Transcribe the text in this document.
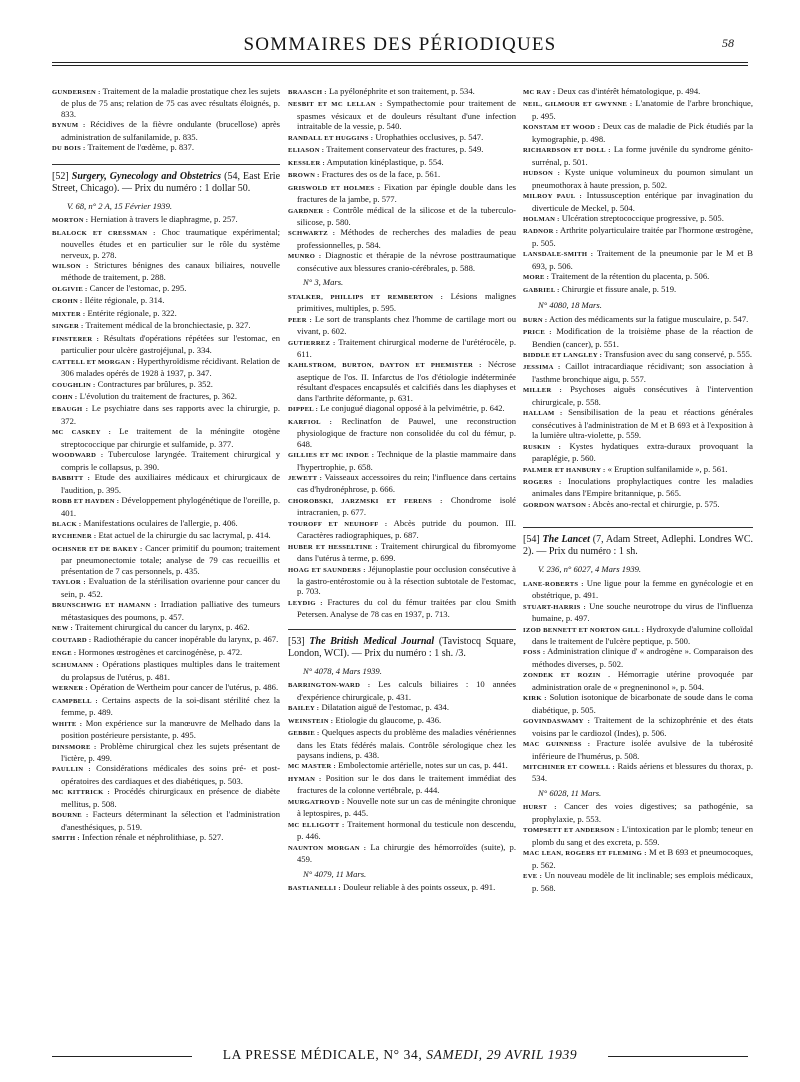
SOMMAIRES DES PÉRIODIQUES	58

GUNDERSEN : Traitement de la maladie prostatique chez les sujets de plus de 75 ans; relation de 75 cas avec résultats éloignés, p. 833.

BYNUM : Récidives de la fièvre ondulante (brucellose) après administration de sulfanilamide, p. 835.

DU BOIS : Traitement de l'œdème, p. 837.

[52] Surgery, Gynecology and Obstetrics (54, East Erie Street, Chicago). — Prix du numéro : 1 dollar 50.
V. 68, n° 2 A, 15 Février 1939.

MORTON : Herniation à travers le diaphragme, p. 257.

BLALOCK ET CRESSMAN : Choc traumatique expérimental; nouvelles études et en particulier sur le rôle du système nerveux, p. 278.

WILSON : Strictures bénignes des canaux biliaires, nouvelle méthode de traitement, p. 288.

OLGIVIE : Cancer de l'estomac, p. 295.

CROHN : Iléite régionale, p. 314.

MIXTER : Entérite régionale, p. 322.

SINGER : Traitement médical de la bronchiectasie, p. 327.

FINSTERER : Résultats d'opérations répétées sur l'estomac, en particulier pour ulcère gastrojéjunal, p. 334.

CATTELL ET MORGAN : Hyperthyroïdisme récidivant. Relation de 306 malades opérés de 1928 à 1937, p. 347.

COUGHLIN : Contractures par brûlures, p. 352.

COHN : L'évolution du traitement de fractures, p. 362.

EBAUGH : Le psychiatre dans ses rapports avec la chirurgie, p. 372.

MC CASKEY : Le traitement de la méningite otogène streptococcique par chirurgie et sulfamide, p. 377.

WOODWARD : Tuberculose laryngée. Traitement chirurgical y compris le collapsus, p. 390.

BABBITT : Etude des auxiliaires médicaux et chirurgicaux de l'audition, p. 395.

ROBB ET HAYDEN : Développement phylogénétique de l'oreille, p. 401.

BLACK : Manifestations oculaires de l'allergie, p. 406.

RYCHENER : Etat actuel de la chirurgie du sac lacrymal, p. 414.

OCHSNER ET DE BAKEY : Cancer primitif du poumon; traitement par pneumonectomie totale; analyse de 79 cas recueillis et présentation de 7 cas personnels, p. 435.

TAYLOR : Evaluation de la stérilisation ovarienne pour cancer du sein, p. 452.

BRUNSCHWIG ET HAMANN : Irradiation palliative des tumeurs métastasiques des poumons, p. 457.

NEW : Traitement chirurgical du cancer du larynx, p. 462.

COUTARD : Radiothérapie du cancer inopérable du larynx, p. 467.

ENGE : Hormones œstrogènes et carcinogénèse, p. 472.

SCHUMANN : Opérations plastiques multiples dans le traitement du prolapsus de l'utérus, p. 481.

WERNER : Opération de Wertheim pour cancer de l'utérus, p. 486.

CAMPBELL : Certains aspects de la soi-disant stérilité chez la femme, p. 489.

WHITE : Mon expérience sur la manœuvre de Melhado dans la position postérieure persistante, p. 495.

DINSMORE : Problème chirurgical chez les sujets présentant de l'ictère, p. 499.

PAULLIN : Considérations médicales des soins pré- et post-opératoires des cardiaques et des diabétiques, p. 503.

MC KITTRICK : Procédés chirurgicaux en présence de diabète mellitus, p. 508.

BOURNE : Facteurs déterminant la sélection et l'administration d'anesthésiques, p. 519.

SMITH : Infection rénale et néphrolithiase, p. 527.

BRAASCH : La pyélonéphrite et son traitement, p. 534.

NESBIT ET MC LELLAN : Sympathectomie pour traitement de spasmes vésicaux et de douleurs résultant d'une infection intraitable de la vessie, p. 540.

RANDALL ET HUGGINS : Urophathies occlusives, p. 547.

ELIASON : Traitement conservateur des fractures, p. 549.

KESSLER : Amputation kinéplastique, p. 554.

BROWN : Fractures des os de la face, p. 561.

GRISWOLD ET HOLMES : Fixation par épingle double dans les fractures de la jambe, p. 577.

GARDNER : Contrôle médical de la silicose et de la tuberculo-silicose, p. 580.

SCHWARTZ : Méthodes de recherches des maladies de peau professionnelles, p. 584.

MUNRO : Diagnostic et thérapie de la névrose posttraumatique consécutive aux blessures cranio-cérébrales, p. 588.

N° 3, Mars.

STALKER, PHILLIPS ET REMBERTON : Lésions malignes primitives, multiples, p. 595.

PEER : Le sort de transplants chez l'homme de cartilage mort ou vivant, p. 602.

GUTIERREZ : Traitement chirurgical moderne de l'urétérocèle, p. 611.

KAHLSTROM, BURTON, DAYTON ET PHEMISTER : Nécrose aseptique de l'os. II. Infarctus de l'os d'étiologie indéterminée résultant d'espaces encapsulés et calcifiés dans les diaphyses et dans l'arthrite déformante, p. 631.

DIPPEL : Le conjugué diagonal opposé à la pelvimétrie, p. 642.

KARFIOL : Reclinatfon de Pauwel, une reconstruction physiologique de fracture non consolidée du col du fémur, p. 648.

GILLIES ET MC INDOE : Technique de la plastie mammaire dans l'hypertrophie, p. 658.

JEWETT : Vaisseaux accessoires du rein; l'influence dans certains cas d'hydronéphrose, p. 666.

CHOROBSKI, JARZMSKI ET FERENS : Chondrome isolé intracranien, p. 677.

TOUROFF ET NEUHOFF : Abcès putride du poumon. III. Caractères radiographiques, p. 687.

HUBER ET HESSELTINE : Traitement chirurgical du fibromyome dans l'utérus à terme, p. 699.

HOAG ET SAUNDERS : Jéjunoplastie pour occlusion consécutive à la gastro-entérostomie ou à la résection subtotale de l'estomac, p. 703.

LEYDIG : Fractures du col du fémur traitées par clou Smith Petersen. Analyse de 78 cas en 1937, p. 713.

[53] The British Medical Journal (Tavistocq Square, London, WCI). — Prix du numéro : 1 sh. /3.
N° 4078, 4 Mars 1939.

BARRINGTON-WARD : Les calculs biliaires : 10 années d'expérience chirurgicale, p. 431.

BAILEY : Dilatation aiguë de l'estomac, p. 434.

WEINSTEIN : Etiologie du glaucome, p. 436.

GEBBIE : Quelques aspects du problème des maladies vénériennes dans les Etats fédérés malais. Contrôle sérologique chez les paysans indiens, p. 438.

MC MASTER : Embolectomie artérielle, notes sur un cas, p. 441.

HYMAN : Position sur le dos dans le traitement immédiat des fractures de la colonne vertébrale, p. 444.

MURGATROYD : Nouvelle note sur un cas de méningite chronique à leptospires, p. 445.

MC ELLIGOTT : Traitement hormonal du testicule non descendu, p. 446.

NAUNTON MORGAN : La chirurgie des hémorroïdes (suite), p. 459.

N° 4079, 11 Mars.

BASTIANELLI : Douleur reliable à des points osseux, p. 491.

MC RAY : Deux cas d'intérêt hématologique, p. 494.

NEIL, GILMOUR ET GWYNNE : L'anatomie de l'arbre bronchique, p. 495.

KONSTAM ET WOOD : Deux cas de maladie de Pick étudiés par la kymographie, p. 498.

RICHARDSON ET DOLL : La forme juvénile du syndrome génito-surrénal, p. 501.

HUDSON : Kyste unique volumineux du poumon simulant un pneumothorax à haute pression, p. 502.

MILROY PAUL : Intussusception entérique par invagination du diverticule de Meckel, p. 504.

HOLMAN : Ulcération streptococcique progressive, p. 505.

RADNOR : Arthrite polyarticulaire traitée par l'hormone œstrogène, p. 505.

LANSDALE-SMITH : Traitement de la pneumonie par le M et B 693, p. 506.

MORE : Traitement de la rétention du placenta, p. 506.

GABRIEL : Chirurgie et fissure anale, p. 519.

N° 4080, 18 Mars.

BURN : Action des médicaments sur la fatigue musculaire, p. 547.

PRICE : Modification de la troisième phase de la réaction de Bendien (cancer), p. 551.

BIDDLE ET LANGLEY : Transfusion avec du sang conservé, p. 555.

JESSIMA : Caillot intracardiaque récidivant; son association à l'asthme bronchique aigu, p. 557.

MILLER : Psychoses aiguës consécutives à l'intervention chirurgicale, p. 558.

HALLAM : Sensibilisation de la peau et réactions générales consécutives à l'administration de M et B 693 et à l'exposition à la lumière ultra-violette, p. 559.

RUSKIN : Kystes hydatiques extra-duraux provoquant la paraplégie, p. 560.

PALMER ET HANBURY : « Eruption sulfanilamide », p. 561.

ROGERS : Inoculations prophylactiques contre les maladies animales dans l'Empire britannique, p. 565.

GORDON WATSON : Abcès ano-rectal et chirurgie, p. 575.

[54] The Lancet (7, Adam Street, Adlephi. Londres WC. 2). — Prix du numéro : 1 sh.
V. 236, n° 6027, 4 Mars 1939.

LANE-ROBERTS : Une ligue pour la femme en gynécologie et en obstétrique, p. 491.

STUART-HARRIS : Une souche neurotrope du virus de l'influenza humaine, p. 497.

IZOD BENNETT ET NORTON GILL : Hydroxyde d'alumine colloïdal dans le traitement de l'ulcère peptique, p. 500.

FOSS : Administration clinique d' « androgène ». Comparaison des méthodes diverses, p. 502.

ZONDEK ET ROZIN . Hémorragie utérine provoquée par administration orale de « pregneninonol », p. 504.

KIRK : Solution isotonique de bicarbonate de soude dans le coma diabétique, p. 505.

GOVINDASWAMY : Traitement de la schizophrénie et des états voisins par le cardiozol (Indes), p. 506.

MAC GUINNESS : Fracture isolée avulsive de la tubérosité inférieure de l'humérus, p. 508.

MITCHINER ET COWELL : Raids aériens et blessures du thorax, p. 534.

N° 6028, 11 Mars.

HURST : Cancer des voies digestives; sa pathogénie, sa prophylaxie, p. 553.

TOMPSETT ET ANDERSON : L'intoxication par le plomb; teneur en plomb du sang et des excreta, p. 559.

MAC LEAN, ROGERS ET FLEMING : M et B 693 et pneumocoques, p. 562.

EVE : Un nouveau modèle de lit inclinable; ses emplois médicaux, p. 568.

LA PRESSE MÉDICALE, N° 34, SAMEDI, 29 AVRIL 1939
